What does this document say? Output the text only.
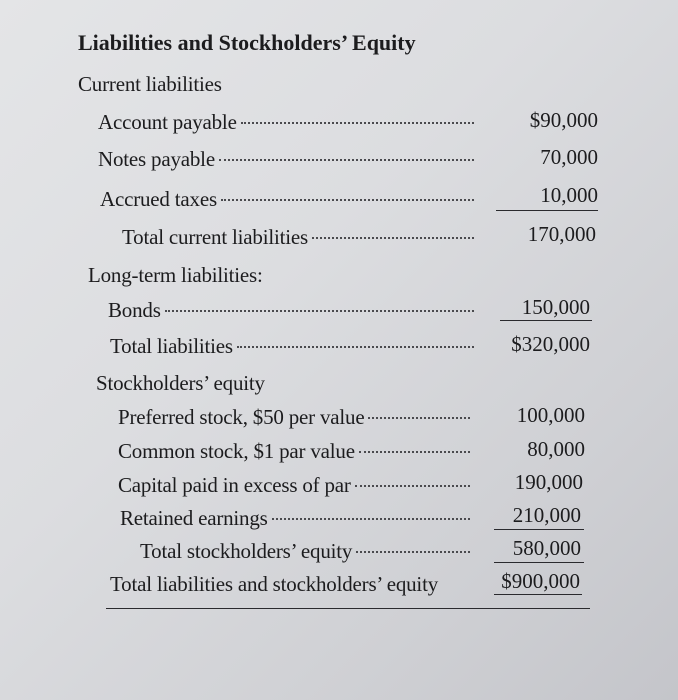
Liabilities and Stockholders’ Equity
Current liabilities
Account payable	$90,000
Notes payable	70,000
Accrued taxes	10,000
Total current liabilities	170,000
Long-term liabilities:
Bonds	150,000
Total liabilities	$320,000
Stockholders’ equity
Preferred stock, $50 per value	100,000
Common stock, $1 par value	80,000
Capital paid in excess of par	190,000
Retained earnings	210,000
Total stockholders’ equity	580,000
Total liabilities and stockholders’ equity	$900,000
